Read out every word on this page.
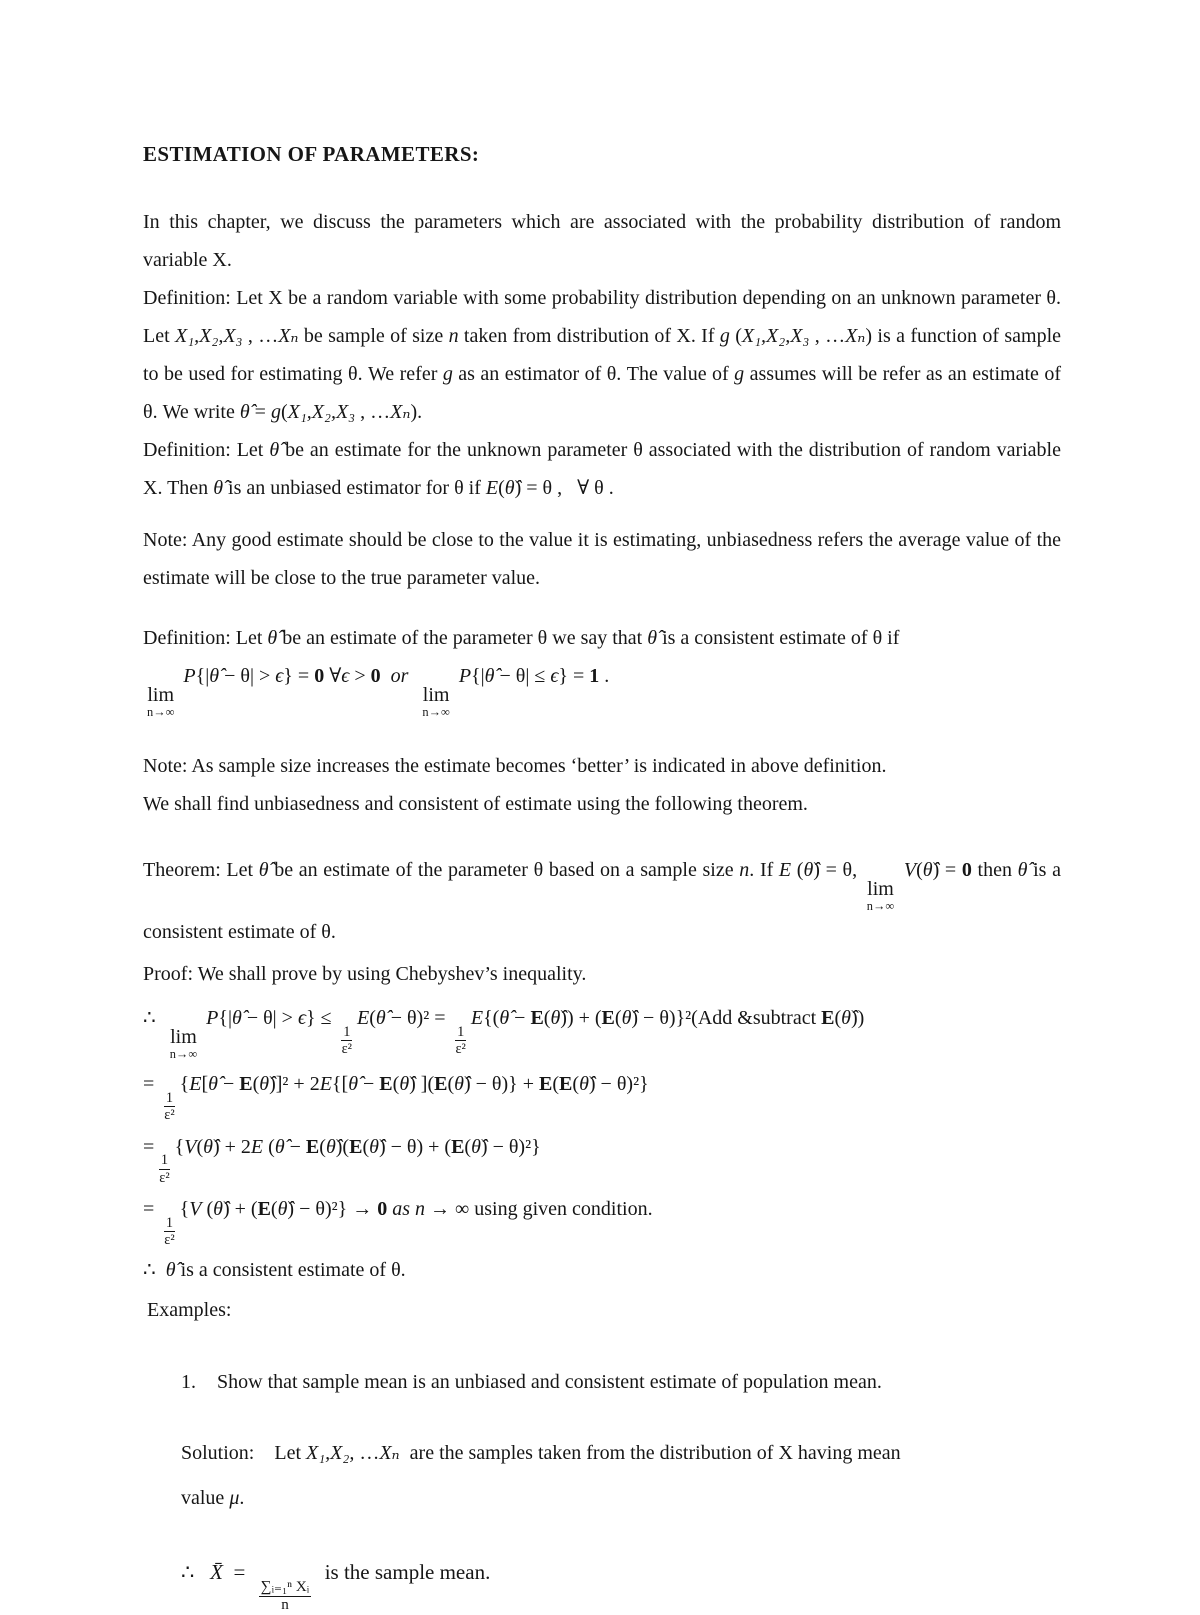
ESTIMATION OF PARAMETERS:

In this chapter, we discuss the parameters which are associated with the probability distribution of random variable X.

Definition: Let X be a random variable with some probability distribution depending on an unknown parameter θ. Let X₁,X₂,X₃ , …Xₙ be sample of size n taken from distribution of X. If g (X₁,X₂,X₃ , …Xₙ) is a function of sample to be used for estimating θ. We refer g as an estimator of θ. The value of g assumes will be refer as an estimate of θ. We write θ̂ = g(X₁,X₂,X₃ , …Xₙ).

Definition: Let θ̂ be an estimate for the unknown parameter θ associated with the distribution of random variable X. Then θ̂ is an unbiased estimator for θ if E(θ̂) = θ ,   ∀ θ .

Note: Any good estimate should be close to the value it is estimating, unbiasedness refers the average value of the estimate will be close to the true parameter value.

Definition: Let θ̂ be an estimate of the parameter θ we say that θ̂ is a consistent estimate of θ if

lim
n→∞
P{|θ̂ − θ| > ϵ} = 0 ∀ϵ > 0 or
lim
n→∞
P{|θ̂ − θ| ≤ ϵ} = 1 .

Note: As sample size increases the estimate becomes ‘better’ is indicated in above definition.
We shall find unbiasedness and consistent of estimate using the following theorem.

Theorem: Let θ̂ be an estimate of the parameter θ based on a sample size n. If E (θ̂) = θ,
lim
n→∞
V(θ̂) = 0 then θ̂ is a consistent estimate of θ.

Proof: We shall prove by using Chebyshev’s inequality.

∴
lim
n→∞
P{|θ̂ − θ| > ϵ} ≤
$\frac{1}{\text{ε²}}$
E(θ̂ − θ)² =
$\frac{1}{\text{ε²}}$
E{(θ̂ − E(θ̂)) + (E(θ̂) − θ)}²(Add &subtract E(θ̂))
=
$\frac{1}{\text{ε²}}$
{E[θ̂ − E(θ̂)]² + 2E{[θ̂ − E(θ̂) ](E(θ̂) − θ)} + E(E(θ̂) − θ)²}
=
$\frac{1}{\text{ε²}}$
{V(θ̂) + 2E (θ̂ − E(θ̂)(E(θ̂) − θ) + (E(θ̂) − θ)²}
=
$\frac{1}{\text{ε²}}$
{V (θ̂) + (E(θ̂) − θ)²} → 0 as n → ∞ using given condition.

∴  θ̂ is a consistent estimate of θ.

Examples:

1.	Show that sample mean is an unbiased and consistent estimate of population mean.

Solution:    Let X₁,X₂, …Xₙ  are the samples taken from the distribution of X having mean
value μ.

∴   X̄  =
$\frac{\text{∑ᵢ₌₁ⁿ Xᵢ}}{n}$
is the sample mean.
